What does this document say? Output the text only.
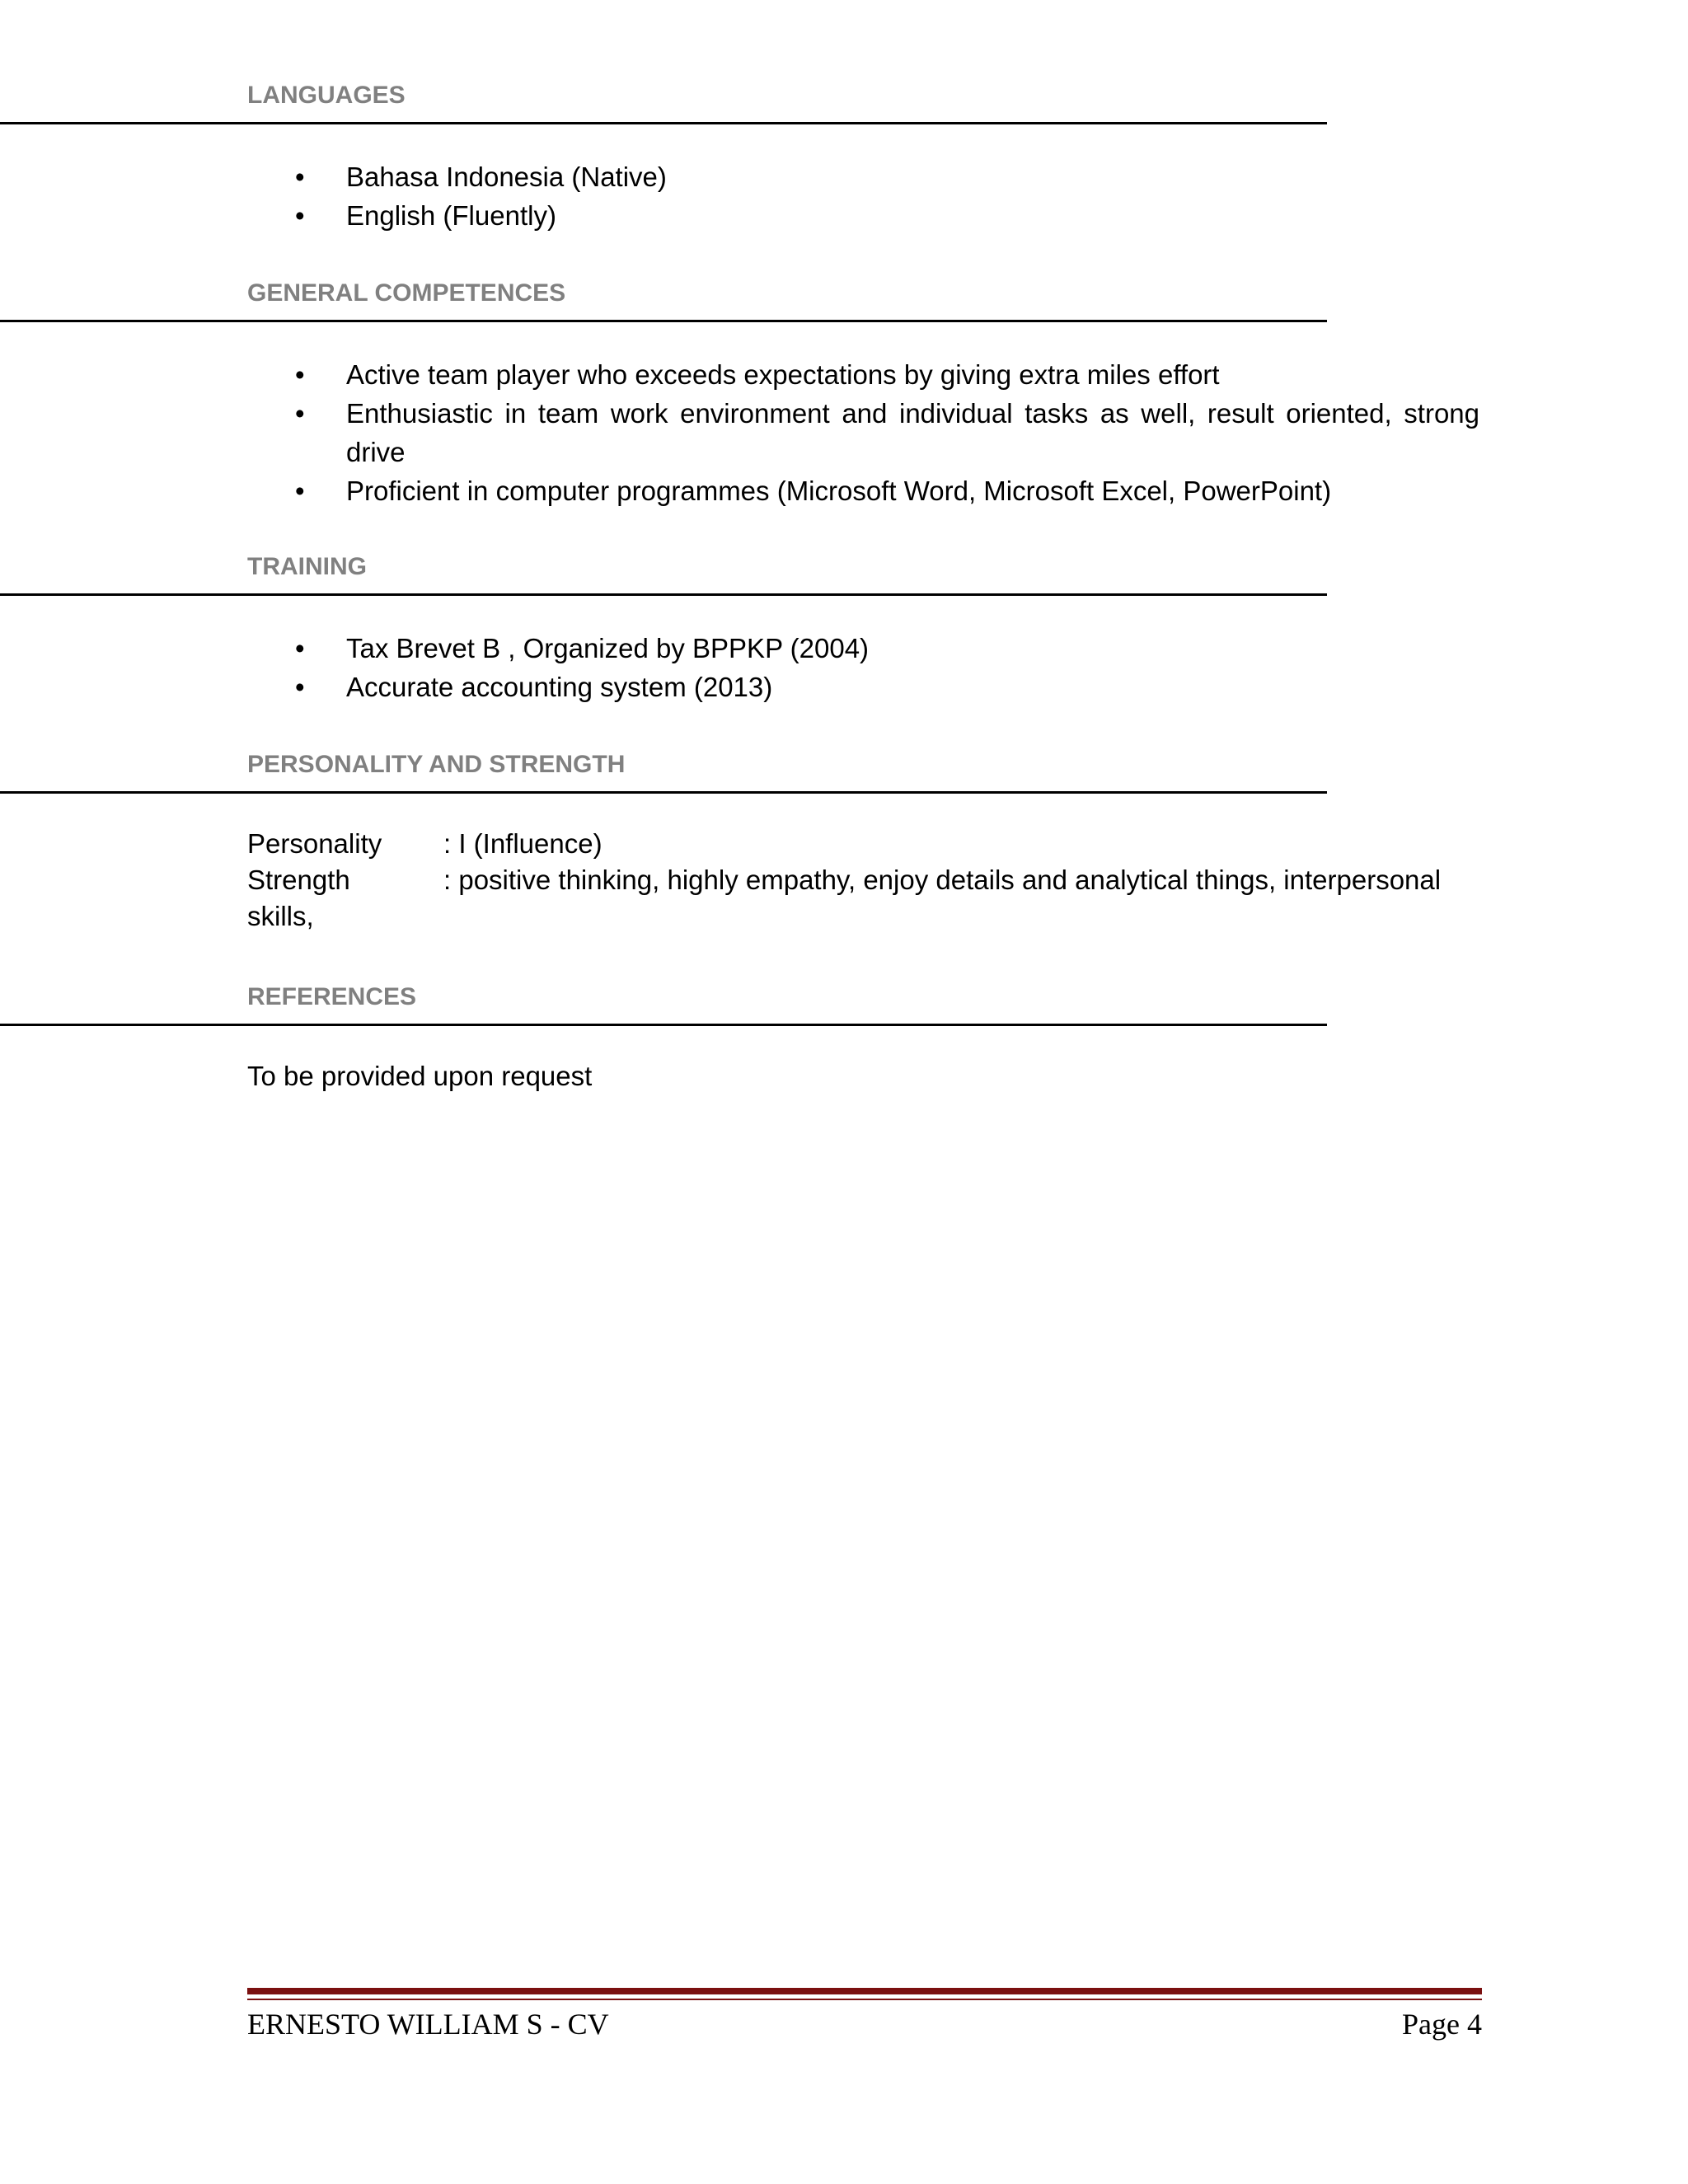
LANGUAGES
• Bahasa Indonesia (Native)
• English (Fluently)
GENERAL COMPETENCES
• Active team player who exceeds expectations by giving extra miles effort
• Enthusiastic in team work environment and individual tasks as well, result oriented, strong drive
• Proficient in computer programmes (Microsoft Word, Microsoft Excel, PowerPoint)
TRAINING
• Tax Brevet B , Organized by BPPKP (2004)
• Accurate accounting system (2013)
PERSONALITY AND STRENGTH
Personality : I (Influence)
Strength	: positive thinking, highly empathy, enjoy details and analytical things, interpersonal
skills,
REFERENCES
To be provided upon request
ERNESTO WILLIAM S - CV	Page 4
